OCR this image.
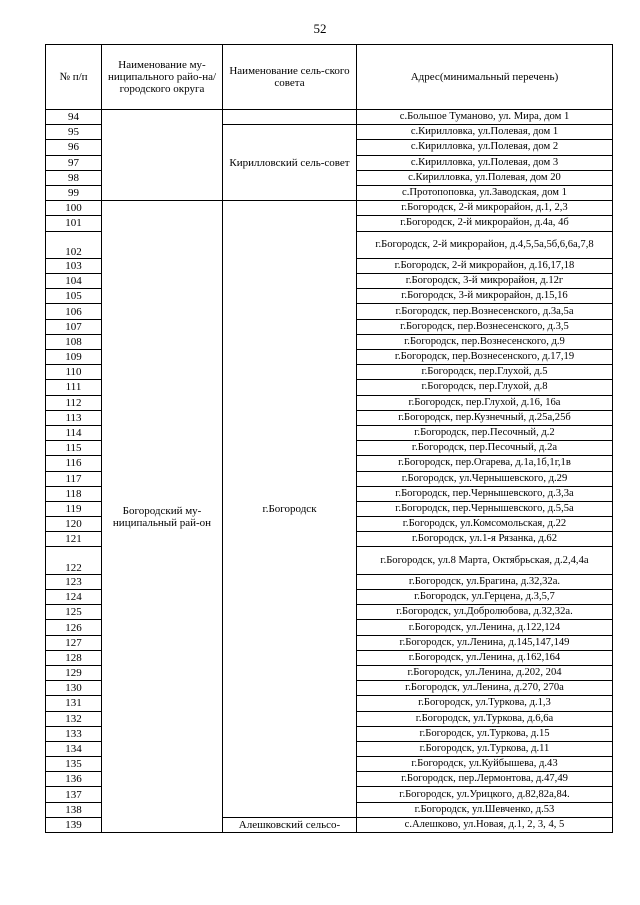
52
№ п/п	Наименование му-ниципального райо-на/ городского округа	Наименование сель-ского совета	Адрес(минимальный перечень)
94			с.Большое Туманово, ул. Мира, дом 1
95		Кирилловский сель-совет	с.Кирилловка, ул.Полевая, дом 1
96			с.Кирилловка, ул.Полевая, дом 2
97			с.Кирилловка, ул.Полевая, дом 3
98			с.Кирилловка, ул.Полевая, дом 20
99			с.Протопоповка, ул.Заводская, дом 1
100	Богородский му-ниципальный рай-он	г.Богородск	г.Богородск, 2-й микрорайон, д.1, 2,3
101			г.Богородск, 2-й микрорайон, д.4а, 4б
102			г.Богородск, 2-й микрорайон, д.4,5,5а,5б,6,6а,7,8
103			г.Богородск, 2-й микрорайон, д.16,17,18
104			г.Богородск, 3-й микрорайон, д.12г
105			г.Богородск, 3-й микрорайон, д.15,16
106			г.Богородск, пер.Вознесенского, д.3а,5а
107			г.Богородск, пер.Вознесенского, д.3,5
108			г.Богородск, пер.Вознесенского, д.9
109			г.Богородск, пер.Вознесенского, д.17,19
110			г.Богородск, пер.Глухой, д.5
111			г.Богородск, пер.Глухой, д.8
112			г.Богородск, пер.Глухой, д.16, 16а
113			г.Богородск, пер.Кузнечный, д.25а,25б
114			г.Богородск, пер.Песочный, д.2
115			г.Богородск, пер.Песочный, д.2а
116			г.Богородск, пер.Огарева, д.1а,1б,1г,1в
117			г.Богородск, ул.Чернышевского, д.29
118			г.Богородск, пер.Чернышевского, д.3,3а
119			г.Богородск, пер.Чернышевского, д.5,5а
120			г.Богородск, ул.Комсомольская, д.22
121			г.Богородск, ул.1-я Рязанка, д.62
122			г.Богородск, ул.8 Марта, Октябрьская, д.2,4,4а
123			г.Богородск, ул.Брагина, д.32,32а.
124			г.Богородск, ул.Герцена, д.3,5,7
125			г.Богородск, ул.Добролюбова, д.32,32а.
126			г.Богородск, ул.Ленина, д.122,124
127			г.Богородск, ул.Ленина, д.145,147,149
128			г.Богородск, ул.Ленина, д.162,164
129			г.Богородск, ул.Ленина, д.202, 204
130			г.Богородск, ул.Ленина, д.270, 270а
131			г.Богородск, ул.Туркова, д.1,3
132			г.Богородск, ул.Туркова, д.6,6а
133			г.Богородск, ул.Туркова, д.15
134			г.Богородск, ул.Туркова, д.11
135			г.Богородск, ул.Куйбышева, д.43
136			г.Богородск, пер.Лермонтова, д.47,49
137			г.Богородск, ул.Урицкого, д.82,82а,84.
138			г.Богородск, ул.Шевченко, д.53
139		Алешковский сельсо-	с.Алешково, ул.Новая, д.1, 2, 3, 4, 5
